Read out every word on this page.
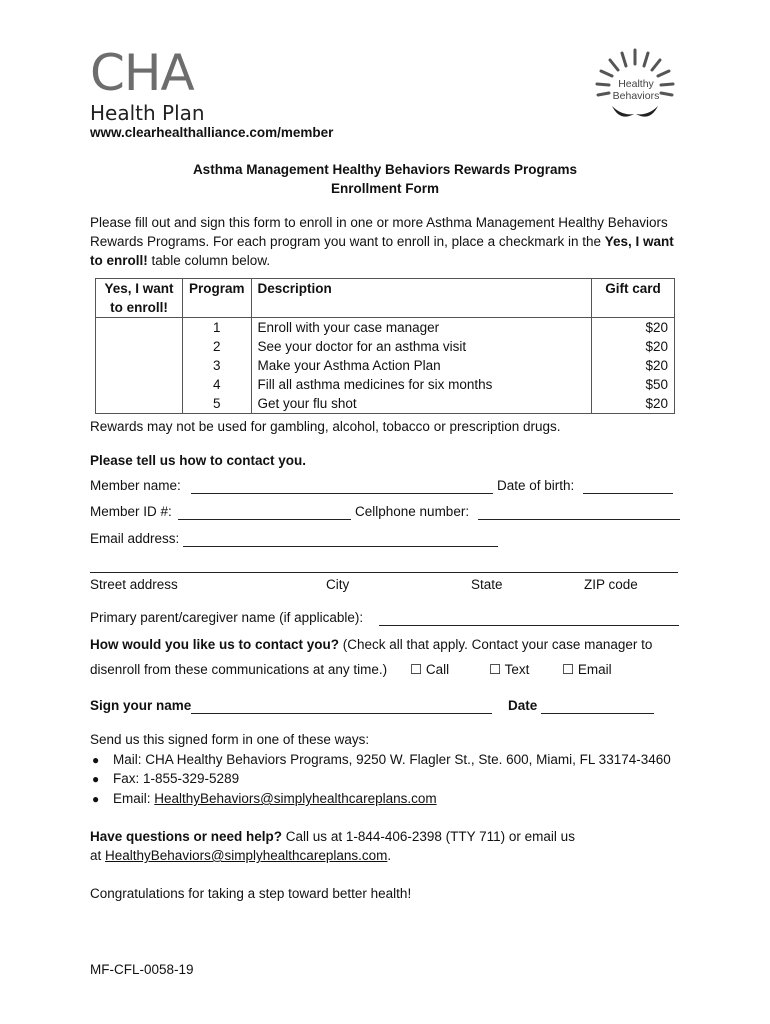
CHA
Health Plan
www.clearhealthalliance.com/member
Healthy
Behaviors
Asthma Management Healthy Behaviors Rewards Programs
Enrollment Form
Please fill out and sign this form to enroll in one or more Asthma Management Healthy Behaviors Rewards Programs. For each program you want to enroll in, place a checkmark in the Yes, I want to enroll! table column below.
Yes, I want to enroll!	Program	Description	Gift card
	1	Enroll with your case manager	$20
	2	See your doctor for an asthma visit	$20
	3	Make your Asthma Action Plan	$20
	4	Fill all asthma medicines for six months	$50
	5	Get your flu shot	$20
Rewards may not be used for gambling, alcohol, tobacco or prescription drugs.
Please tell us how to contact you.
Member name:	Date of birth:
Member ID #:	Cellphone number:
Email address:
Street address	City	State	ZIP code
Primary parent/caregiver name (if applicable):
How would you like us to contact you? (Check all that apply. Contact your case manager to
disenroll from these communications at any time.) ☐ Call	☐ Text ☐ Email
Sign your name	Date
Send us this signed form in one of these ways:
● Mail: CHA Healthy Behaviors Programs, 9250 W. Flagler St., Ste. 600, Miami, FL 33174-3460
● Fax: 1-855-329-5289
● Email: HealthyBehaviors@simplyhealthcareplans.com
Have questions or need help? Call us at 1-844-406-2398 (TTY 711) or email us
at HealthyBehaviors@simplyhealthcareplans.com.
Congratulations for taking a step toward better health!
MF-CFL-0058-19
